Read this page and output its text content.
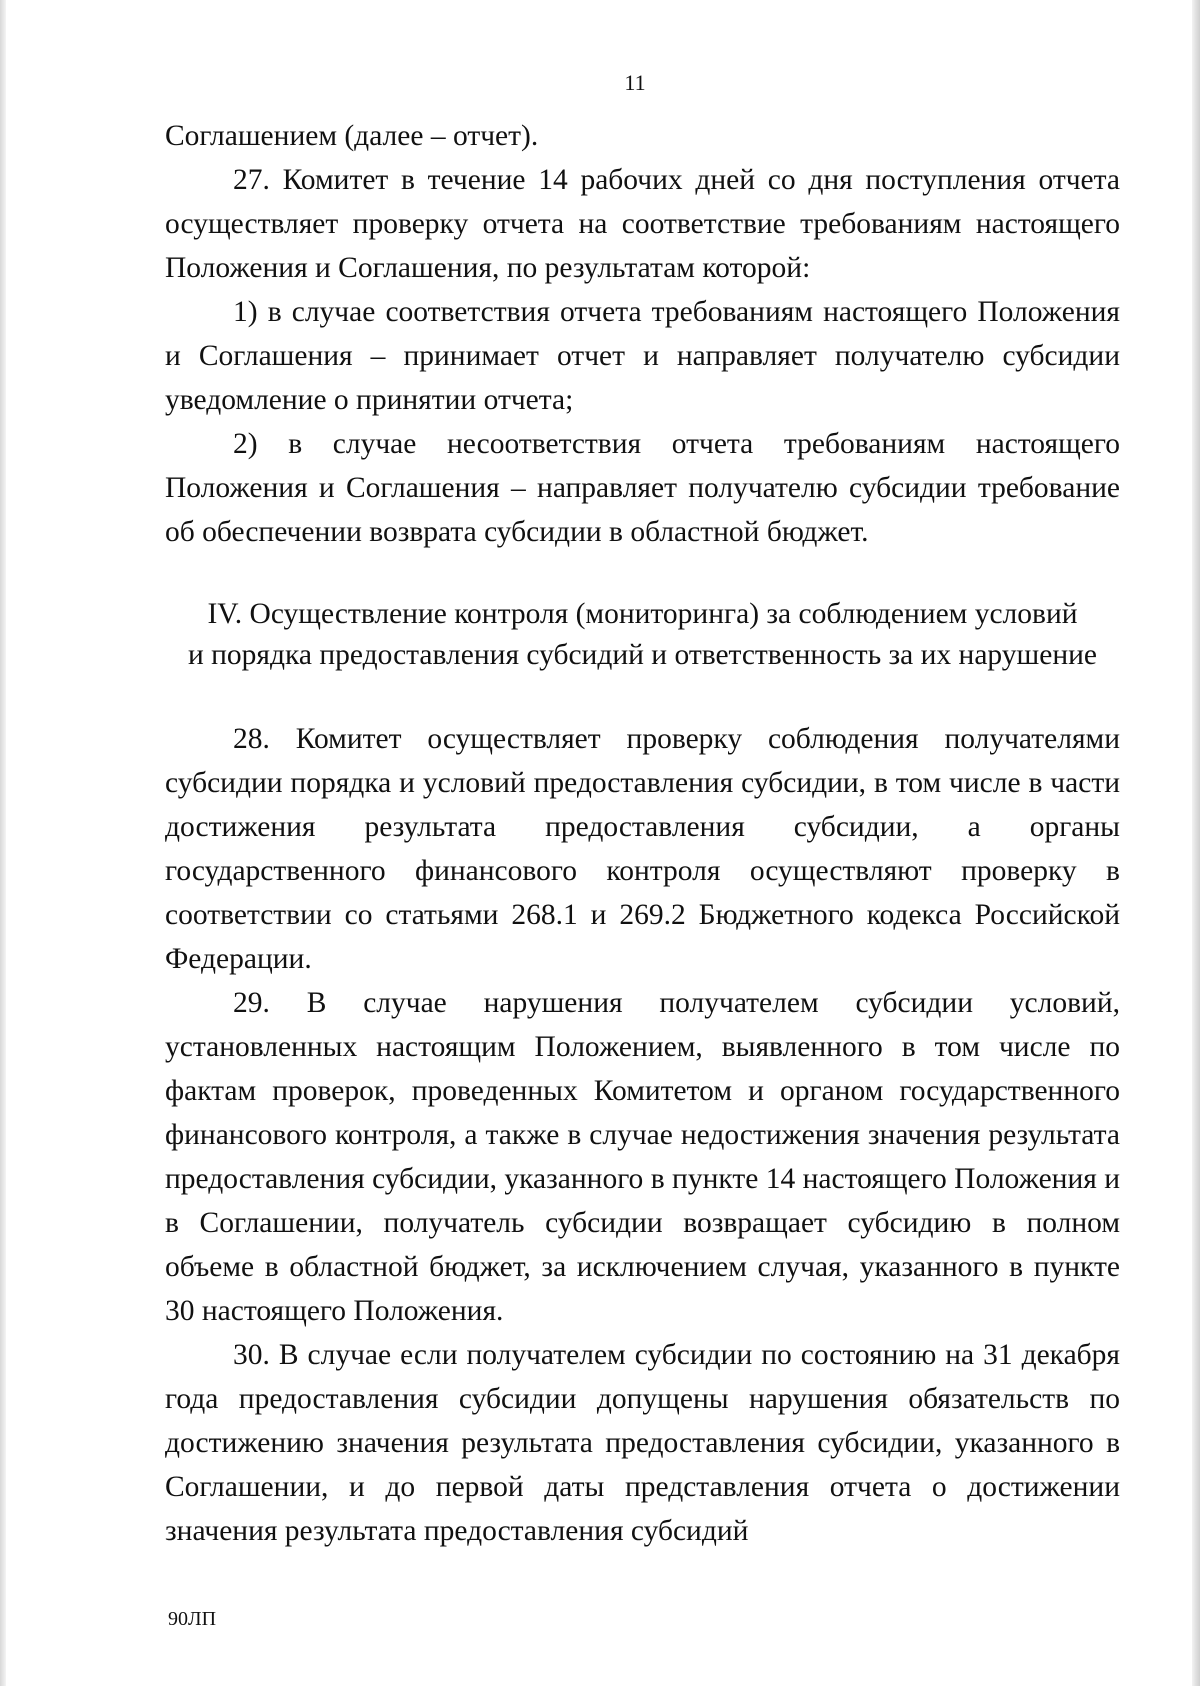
11

Соглашением (далее – отчет).

27. Комитет в течение 14 рабочих дней со дня поступления отчета осуществляет проверку отчета на соответствие требованиям настоящего Положения и Соглашения, по результатам которой:

1) в случае соответствия отчета требованиям настоящего Положения и Соглашения – принимает отчет и направляет получателю субсидии уведомление о принятии отчета;

2) в случае несоответствия отчета требованиям настоящего Положения и Соглашения – направляет получателю субсидии требование об обеспечении возврата субсидии в областной бюджет.

IV. Осуществление контроля (мониторинга) за соблюдением условий
и порядка предоставления субсидий и ответственность за их нарушение

28. Комитет осуществляет проверку соблюдения получателями субсидии порядка и условий предоставления субсидии, в том числе в части достижения результата предоставления субсидии, а органы государственного финансового контроля осуществляют проверку в соответствии со статьями 268.1 и 269.2 Бюджетного кодекса Российской Федерации.

29. В случае нарушения получателем субсидии условий, установленных настоящим Положением, выявленного в том числе по фактам проверок, проведенных Комитетом и органом государственного финансового контроля, а также в случае недостижения значения результата предоставления субсидии, указанного в пункте 14 настоящего Положения и в Соглашении, получатель субсидии возвращает субсидию в полном объеме в областной бюджет, за исключением случая, указанного в пункте 30 настоящего Положения.

30. В случае если получателем субсидии по состоянию на 31 декабря года предоставления субсидии допущены нарушения обязательств по достижению значения результата предоставления субсидии, указанного в Соглашении, и до первой даты представления отчета о достижении значения результата предоставления субсидий

90ЛП
